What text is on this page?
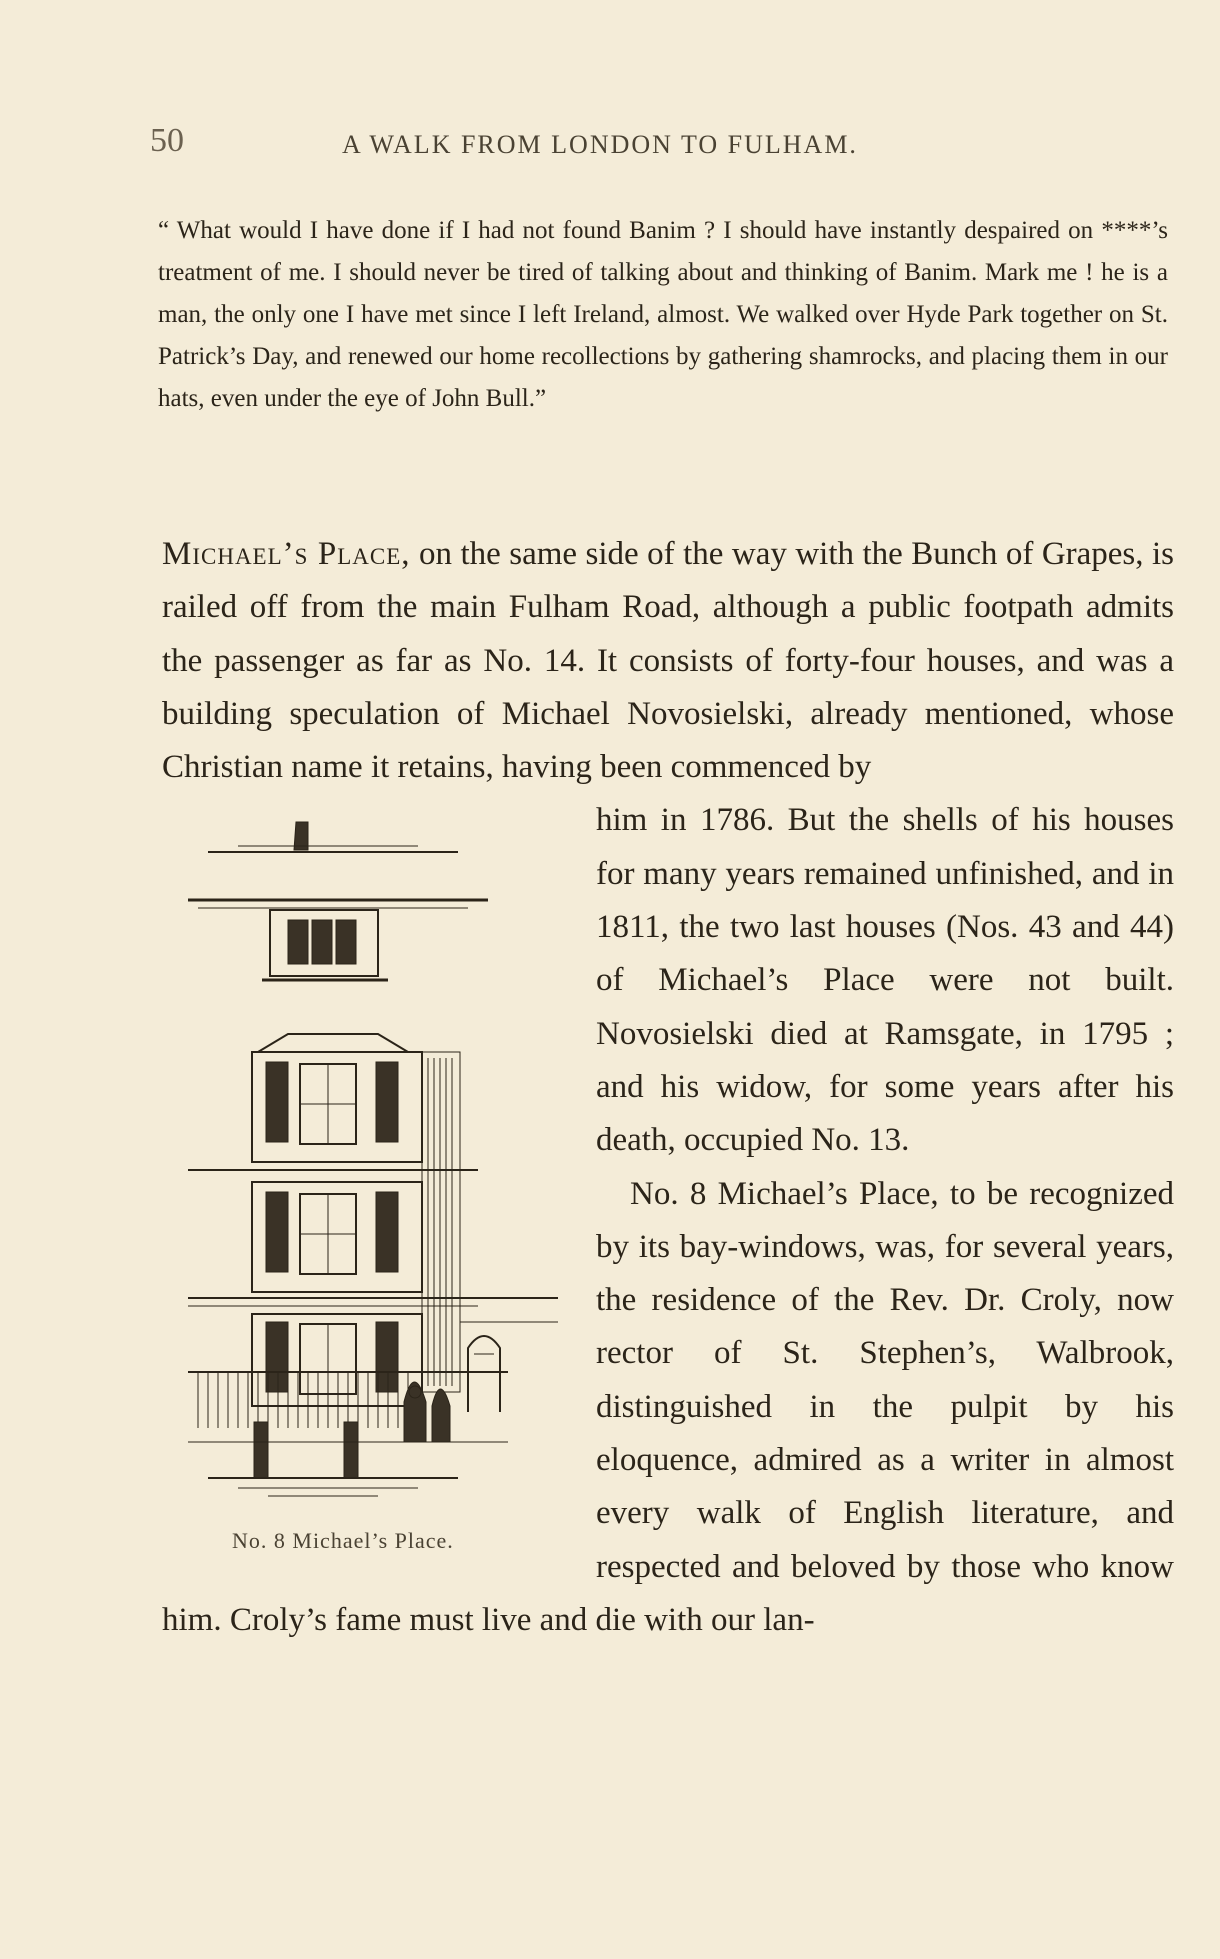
50	A WALK FROM LONDON TO FULHAM.

“ What would I have done if I had not found Banim ? I should have instantly despaired on ****’s treatment of me. I should never be tired of talking about and thinking of Banim. Mark me ! he is a man, the only one I have met since I left Ireland, almost. We walked over Hyde Park together on St. Patrick’s Day, and renewed our home recollections by gathering shamrocks, and placing them in our hats, even under the eye of John Bull.”

Michael’s Place, on the same side of the way with the Bunch of Grapes, is railed off from the main Fulham Road, although a public footpath admits the passenger as far as No. 14. It consists of forty-four houses, and was a building speculation of Michael Novosielski, already mentioned, whose Christian name it retains, having been commenced by

No. 8 Michael’s Place.

him in 1786. But the shells of his houses for many years remained unfinished, and in 1811, the two last houses (Nos. 43 and 44) of Michael’s Place were not built. Novosielski died at Ramsgate, in 1795 ; and his widow, for some years after his death, occupied No. 13.

No. 8 Michael’s Place, to be recognized by its bay-windows, was, for several years, the residence of the Rev. Dr. Croly, now rector of St. Stephen’s, Walbrook, distinguished in the pulpit by his eloquence, admired as a writer in almost every walk of English literature, and respected and beloved by those who know him. Croly’s fame must live and die with our lan-
